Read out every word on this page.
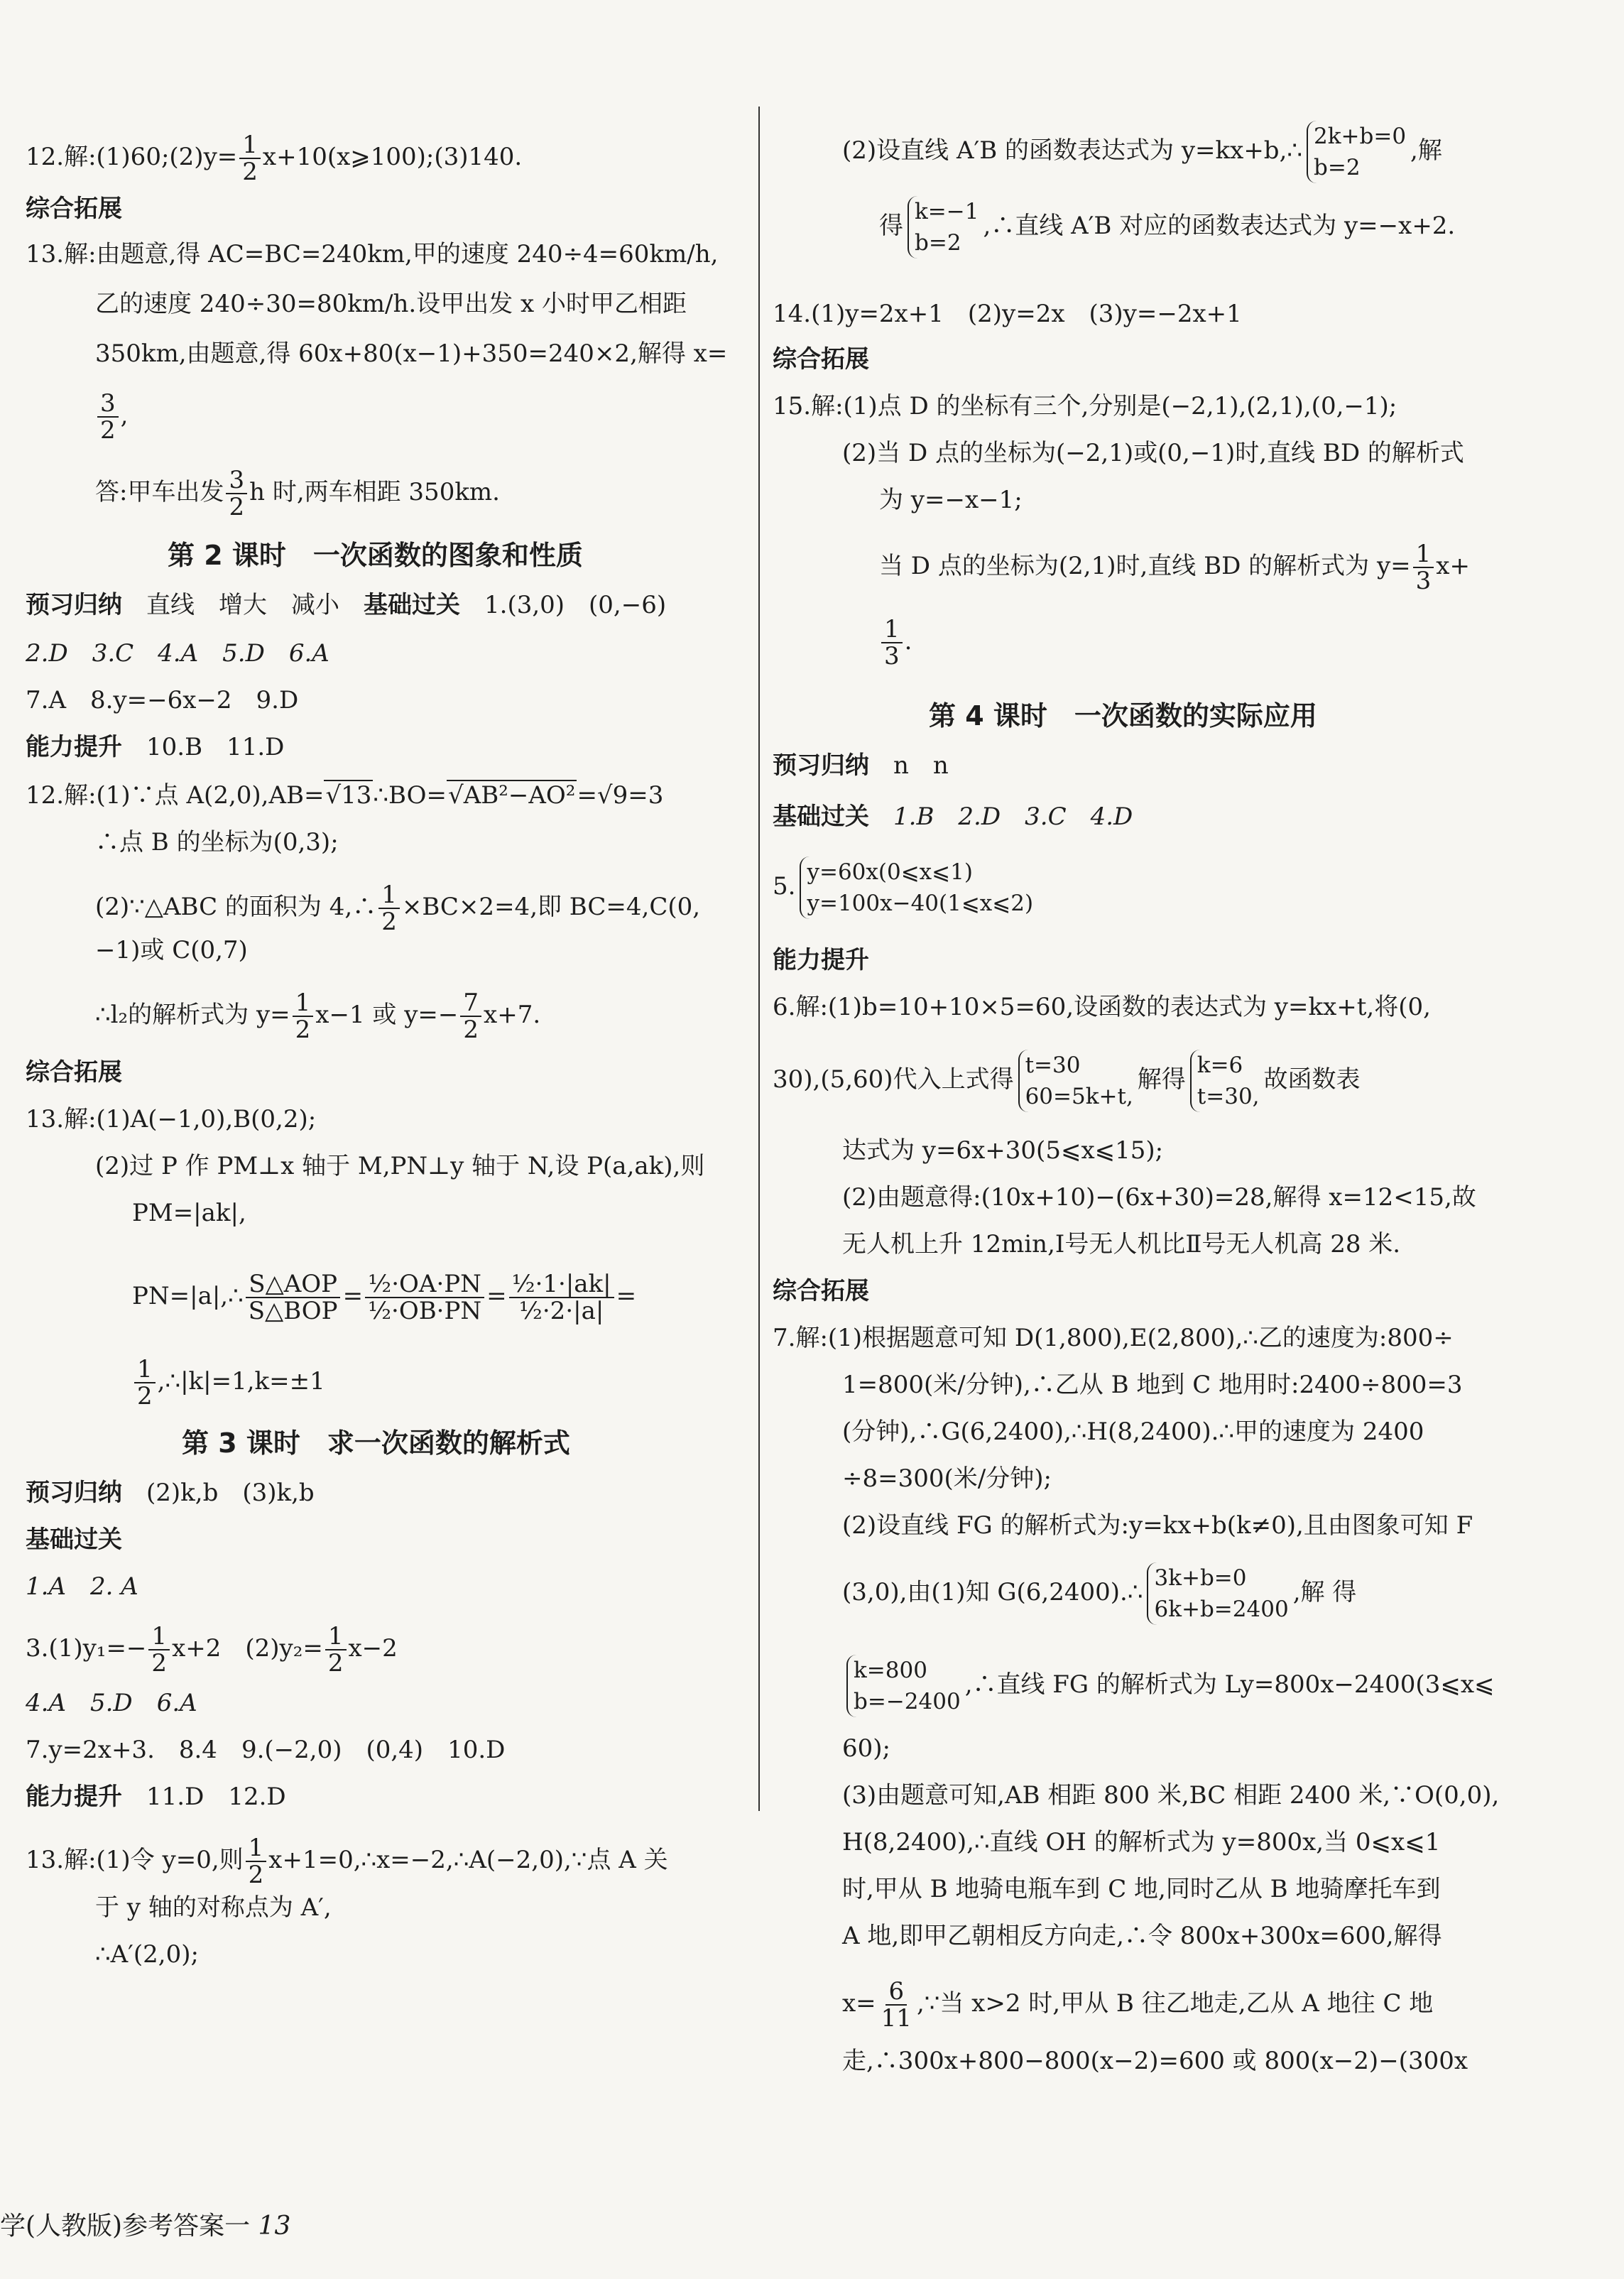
12.解:(1)60;(2)y= $\frac{1}{2}$ x+10(x⩾100);(3)140.
综合拓展
13.解:由题意,得 AC=BC=240km,甲的速度 240÷4=60km/h,
乙的速度 240÷30=80km/h.设甲出发 x 小时甲乙相距
350km,由题意,得 60x+80(x−1)+350=240×2,解得 x=
$\frac{3}{2}$ ,
答:甲车出发 $\frac{3}{2}$ h 时,两车相距 350km.
第 2 课时　一次函数的图象和性质
预习归纳　 直线　增大　减小　 基础过关　 1.(3,0)　(0,−6)
2.D　3.C　4.A　5.D　6.A
7.A　8.y=−6x−2　9.D
能力提升　 10.B　11.D
12.解:(1)∵点 A(2,0),AB=√13∴BO=√AB²−AO²=√9=3
∴点 B 的坐标为(0,3);
(2)∵△ABC 的面积为 4,∴ $\frac{1}{2} \times BC\times 2=4$,即 BC=4,C(0,
−1)或 C(0,7)
∴l₂的解析式为 $y= \frac{1}{2} x-1$ 或 $y=- \frac{7}{2} x+7$.
综合拓展
13.解:(1)A(−1,0),B(0,2);
(2)过 P 作 PM⊥x 轴于 M,PN⊥y 轴于 N,设 P(a,ak),则
PM=|ak|,
PN=|a|,∴ $\frac{\text{S△AOP}}{\text{S△BOP}} = \frac{\text{½·OA·PN}}{\text{½·OB·PN}} = \frac{\text{½·1·|ak|}}{\text{½·2·|a|}}$ =
$\frac{1}{2}$ ,∴|k|=1,k=±1
第 3 课时　求一次函数的解析式
预习归纳　 (2)k,b　(3)k,b
基础过关
1.A　2. A
$3.(1)y_1=- \frac{1}{2} x+2$　$(2)y_2= \frac{1}{2} x-2$
4.A　5.D　6.A
7.y=2x+3.　8.4　9.(−2,0)　(0,4)　10.D
能力提升　 11.D　12.D
13.解:(1)令 y=0,则 $\frac{1}{2}$ x+1=0,∴x=−2,∴A(−2,0),∵点 A 关
于 y 轴的对称点为 A′,
∴A′(2,0);
(2)设直线 A′B 的函数表达式为 y=kx+b,∴ 2k+b=0
b=2
,解
得 k=−1
b=2
,∴直线 A′B 对应的函数表达式为 y=−x+2.
14.(1)y=2x+1　(2)y=2x　(3)y=−2x+1
综合拓展
15.解:(1)点 D 的坐标有三个,分别是(−2,1),(2,1),(0,−1);
(2)当 D 点的坐标为(−2,1)或(0,−1)时,直线 BD 的解析式
为 y=−x−1;
当 D 点的坐标为(2,1)时,直线 BD 的解析式为 $y= \frac{1}{3} x+$
$\frac{1}{3}$ .
第 4 课时　一次函数的实际应用
预习归纳　 n　n
基础过关　 1.B　2.D　3.C　4.D
5. y=60x(0⩽x⩽1)
y=100x−40(1⩽x⩽2)
能力提升
6.解:(1)b=10+10×5=60,设函数的表达式为 y=kx+t,将(0,
30),(5,60)代入上式得 t=30
60=5k+t,
解得 k=6
t=30,
故函数表
达式为 y=6x+30(5⩽x⩽15);
(2)由题意得:(10x+10)−(6x+30)=28,解得 x=12<15,故
无人机上升 12min,Ⅰ号无人机比Ⅱ号无人机高 28 米.
综合拓展
7.解:(1)根据题意可知 D(1,800),E(2,800),∴乙的速度为:800÷
1=800(米/分钟),∴乙从 B 地到 C 地用时:2400÷800=3
(分钟),∴G(6,2400),∴H(8,2400).∴甲的速度为 2400
÷8=300(米/分钟);
(2)设直线 FG 的解析式为:y=kx+b(k≠0),且由图象可知 F
(3,0),由(1)知 G(6,2400).∴ 3k+b=0
6k+b=2400
,解 得
k=800
b=−2400
,∴直线 FG 的解析式为 Ly=800x−2400(3⩽x⩽
60);
(3)由题意可知,AB 相距 800 米,BC 相距 2400 米,∵O(0,0),
H(8,2400),∴直线 OH 的解析式为 y=800x,当 0⩽x⩽1
时,甲从 B 地骑电瓶车到 C 地,同时乙从 B 地骑摩托车到
A 地,即甲乙朝相反方向走,∴令 800x+300x=600,解得
$x= \frac{6}{11}$ ,∵当 x>2 时,甲从 B 往乙地走,乙从 A 地往 C 地
走,∴300x+800−800(x−2)=600 或 800(x−2)−(300x
学(人教版)参考答案一 13
